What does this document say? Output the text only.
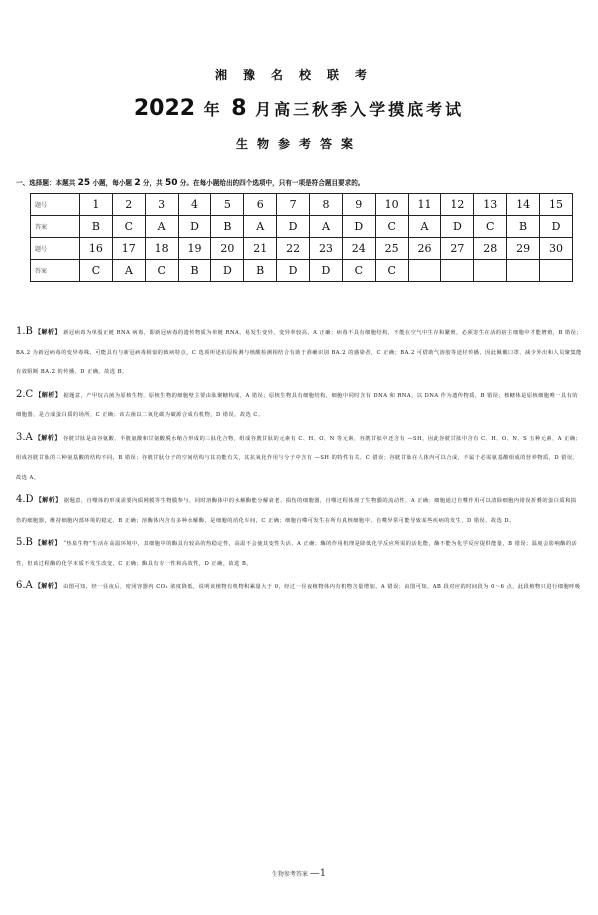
湘豫名校联考
2022 年 8 月高三秋季入学摸底考试
生物参考答案
一、选择题：本题共 25 小题，每小题 2 分，共 50 分。在每小题给出的四个选项中，只有一项是符合题目要求的。
题号	1	2	3	4	5	6	7	8	9	10	11	12	13	14	15
答案	B	C	A	D	B	A	D	A	D	C	A	D	C	B	D
题号	16	17	18	19	20	21	22	23	24	25	26	27	28	29	30
答案	C	A	C	B	D	B	D	D	C	C					
1.B 【解析】 新冠病毒为单股正链 RNA 病毒，即新冠病毒的遗传物质为单链 RNA，易发生变异，变异率较高，A 正确；病毒不具有细胞结构，不能在空气中生存和繁殖，必须寄生在活的宿主细胞中才能增殖，B 错误；BA.2 为新冠病毒的变异毒株，可能具有与新冠病毒相似的致病特点，C 选项所述抗原检测与核酸检测相结合有助于准确识别 BA.2 的感染者，C 正确；BA.2 可借助气溶胶等途径传播，因此佩戴口罩、减少外出和人员聚集能有效阻断 BA.2 的传播，D 正确。故选 B。
2.C 【解析】 据题意，产甲烷古菌为原核生物，原核生物的细胞壁主要由肽聚糖构成，A 错误；原核生物具有细胞结构，细胞中同时含有 DNA 和 RNA，以 DNA 作为遗传物质，B 错误；核糖体是原核细胞唯一具有的细胞器，是合成蛋白质的场所，C 正确；该古菌以二氧化碳为碳源合成有机物，D 错误。故选 C。
3.A 【解析】 谷胱甘肽是由谷氨酸、半胱氨酸和甘氨酸脱水缩合形成的三肽化合物，组成谷胱甘肽的元素有 C、H、O、N 等元素，谷胱甘肽中还含有 —SH，因此谷胱甘肽中含有 C、H、O、N、S 五种元素，A 正确；组成谷胱甘肽的三种氨基酸的结构不同，B 错误；谷胱甘肽分子的空间结构与其功能有关，其抗氧化作用与分子中含有 —SH 的特性有关，C 错误；谷胱甘肽在人体内可以合成，不属于必需氨基酸组成的营养物质，D 错误。故选 A。
4.D 【解析】 据题意，自噬体的形成需要内质网膜等生物膜参与，同时溶酶体中的水解酶能分解衰老、损伤的细胞器，自噬过程体现了生物膜的流动性，A 正确；细胞通过自噬作用可以清除细胞内错误折叠的蛋白质和损伤的细胞器，维持细胞内部环境的稳定，B 正确；溶酶体内含有多种水解酶，是细胞的消化车间，C 正确；细胞自噬可发生在所有真核细胞中，自噬异常可能导致某些疾病的发生，D 错误。故选 D。
5.B 【解析】 “热泉生物”生活在高温环境中，其细胞中的酶具有较高的热稳定性，高温不会使其变性失活，A 正确；酶的作用机理是降低化学反应所需的活化能，酶不能为化学反应提供能量，B 错误；温度会影响酶的活性，但该过程酶的化学本质不发生改变，C 正确；酶具有专一性和高效性，D 正确。故选 B。
6.A 【解析】 由图可知，经一昼夜后，密闭容器内 CO₂ 浓度降低，说明该植物有机物积累量大于 0，经过一昼夜植物体内有机物含量增加，A 错误；由图可知，AB 段对应的时间段为 0～6 点，此段植物只进行细胞呼吸
生物参考答案 —1
